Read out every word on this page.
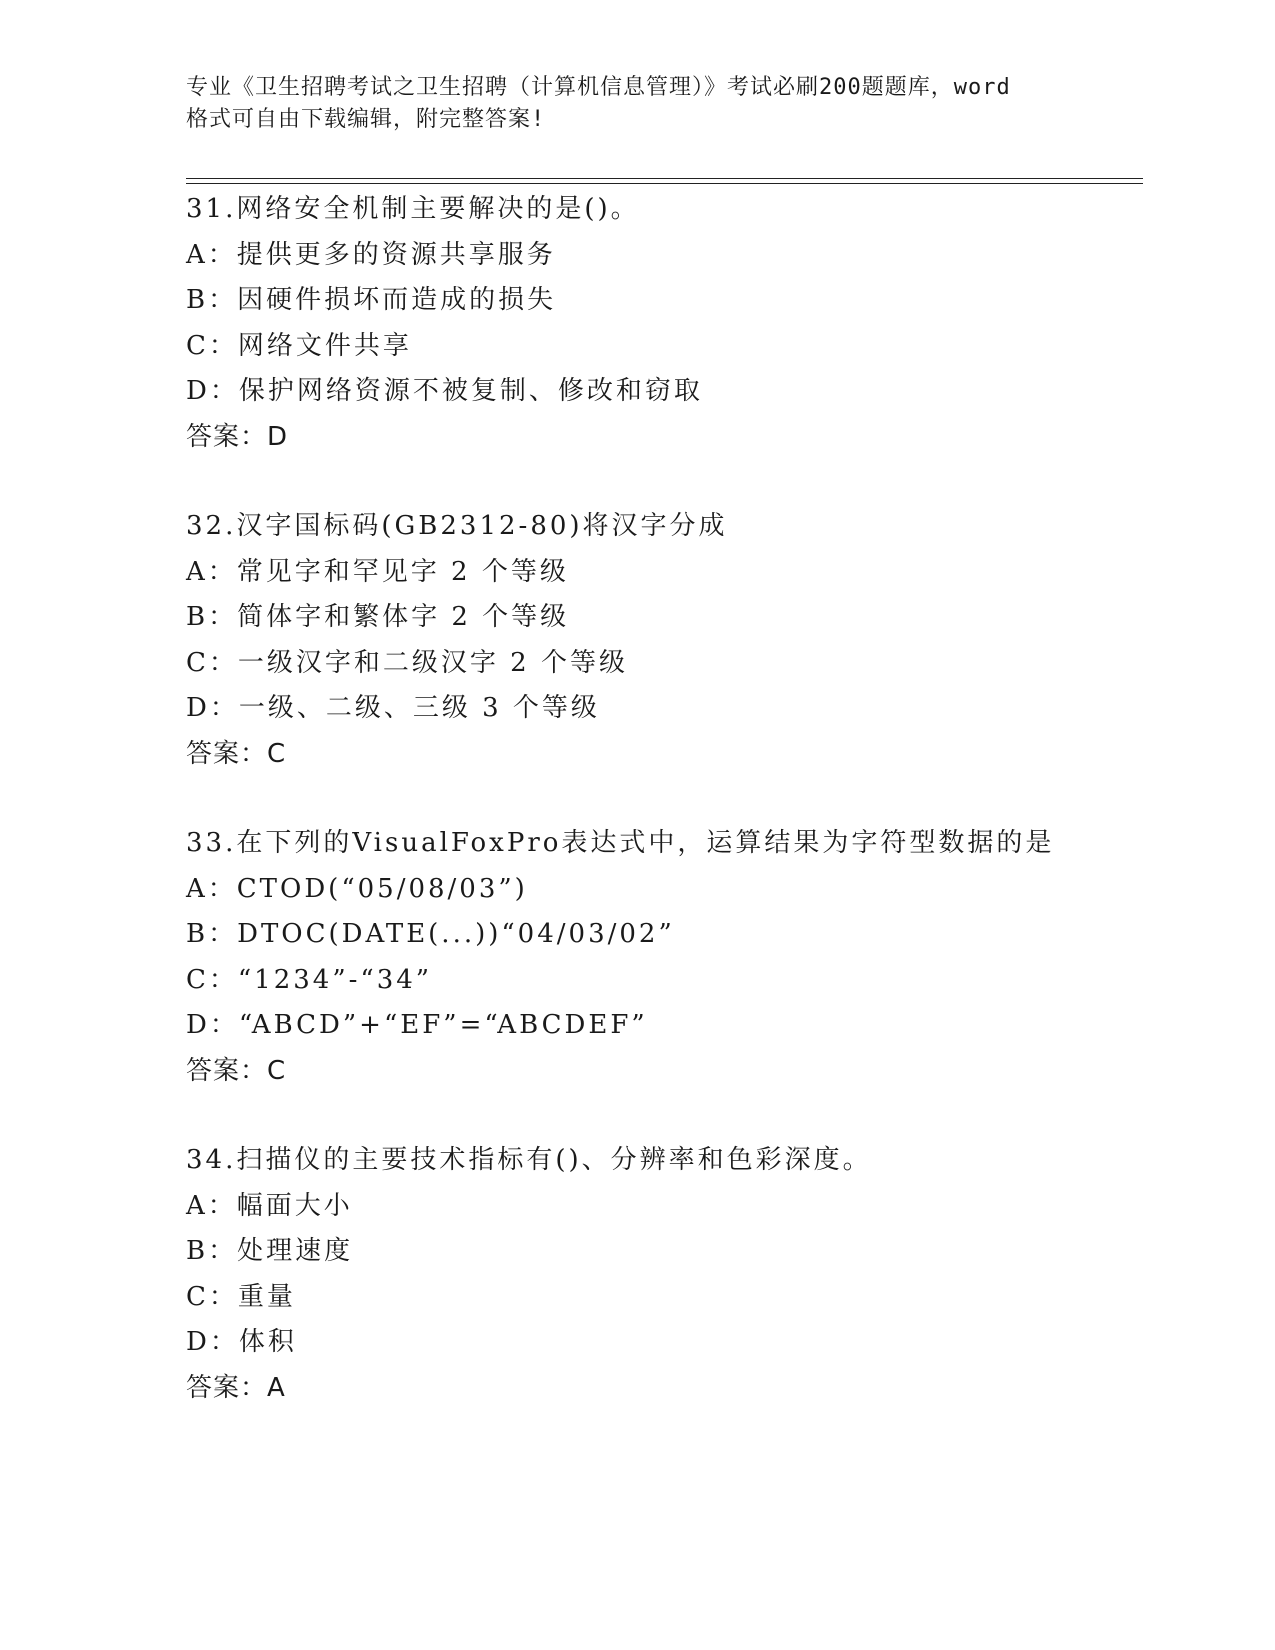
专业《卫生招聘考试之卫生招聘（计算机信息管理）》考试必刷200题题库，word
格式可自由下载编辑，附完整答案!
31.网络安全机制主要解决的是()。
A：提供更多的资源共享服务
B：因硬件损坏而造成的损失
C：网络文件共享
D：保护网络资源不被复制、修改和窃取
答案：D
32.汉字国标码(GB2312-80)将汉字分成
A：常见字和罕见字 2 个等级
B：简体字和繁体字 2 个等级
C：一级汉字和二级汉字 2 个等级
D：一级、二级、三级 3 个等级
答案：C
33.在下列的VisualFoxPro表达式中，运算结果为字符型数据的是
A：CTOD(“05/08/03”)
B：DTOC(DATE(...))“04/03/02”
C：“1234”-“34”
D：“ABCD”+“EF”=“ABCDEF”
答案：C
34.扫描仪的主要技术指标有()、分辨率和色彩深度。
A：幅面大小
B：处理速度
C：重量
D：体积
答案：A
